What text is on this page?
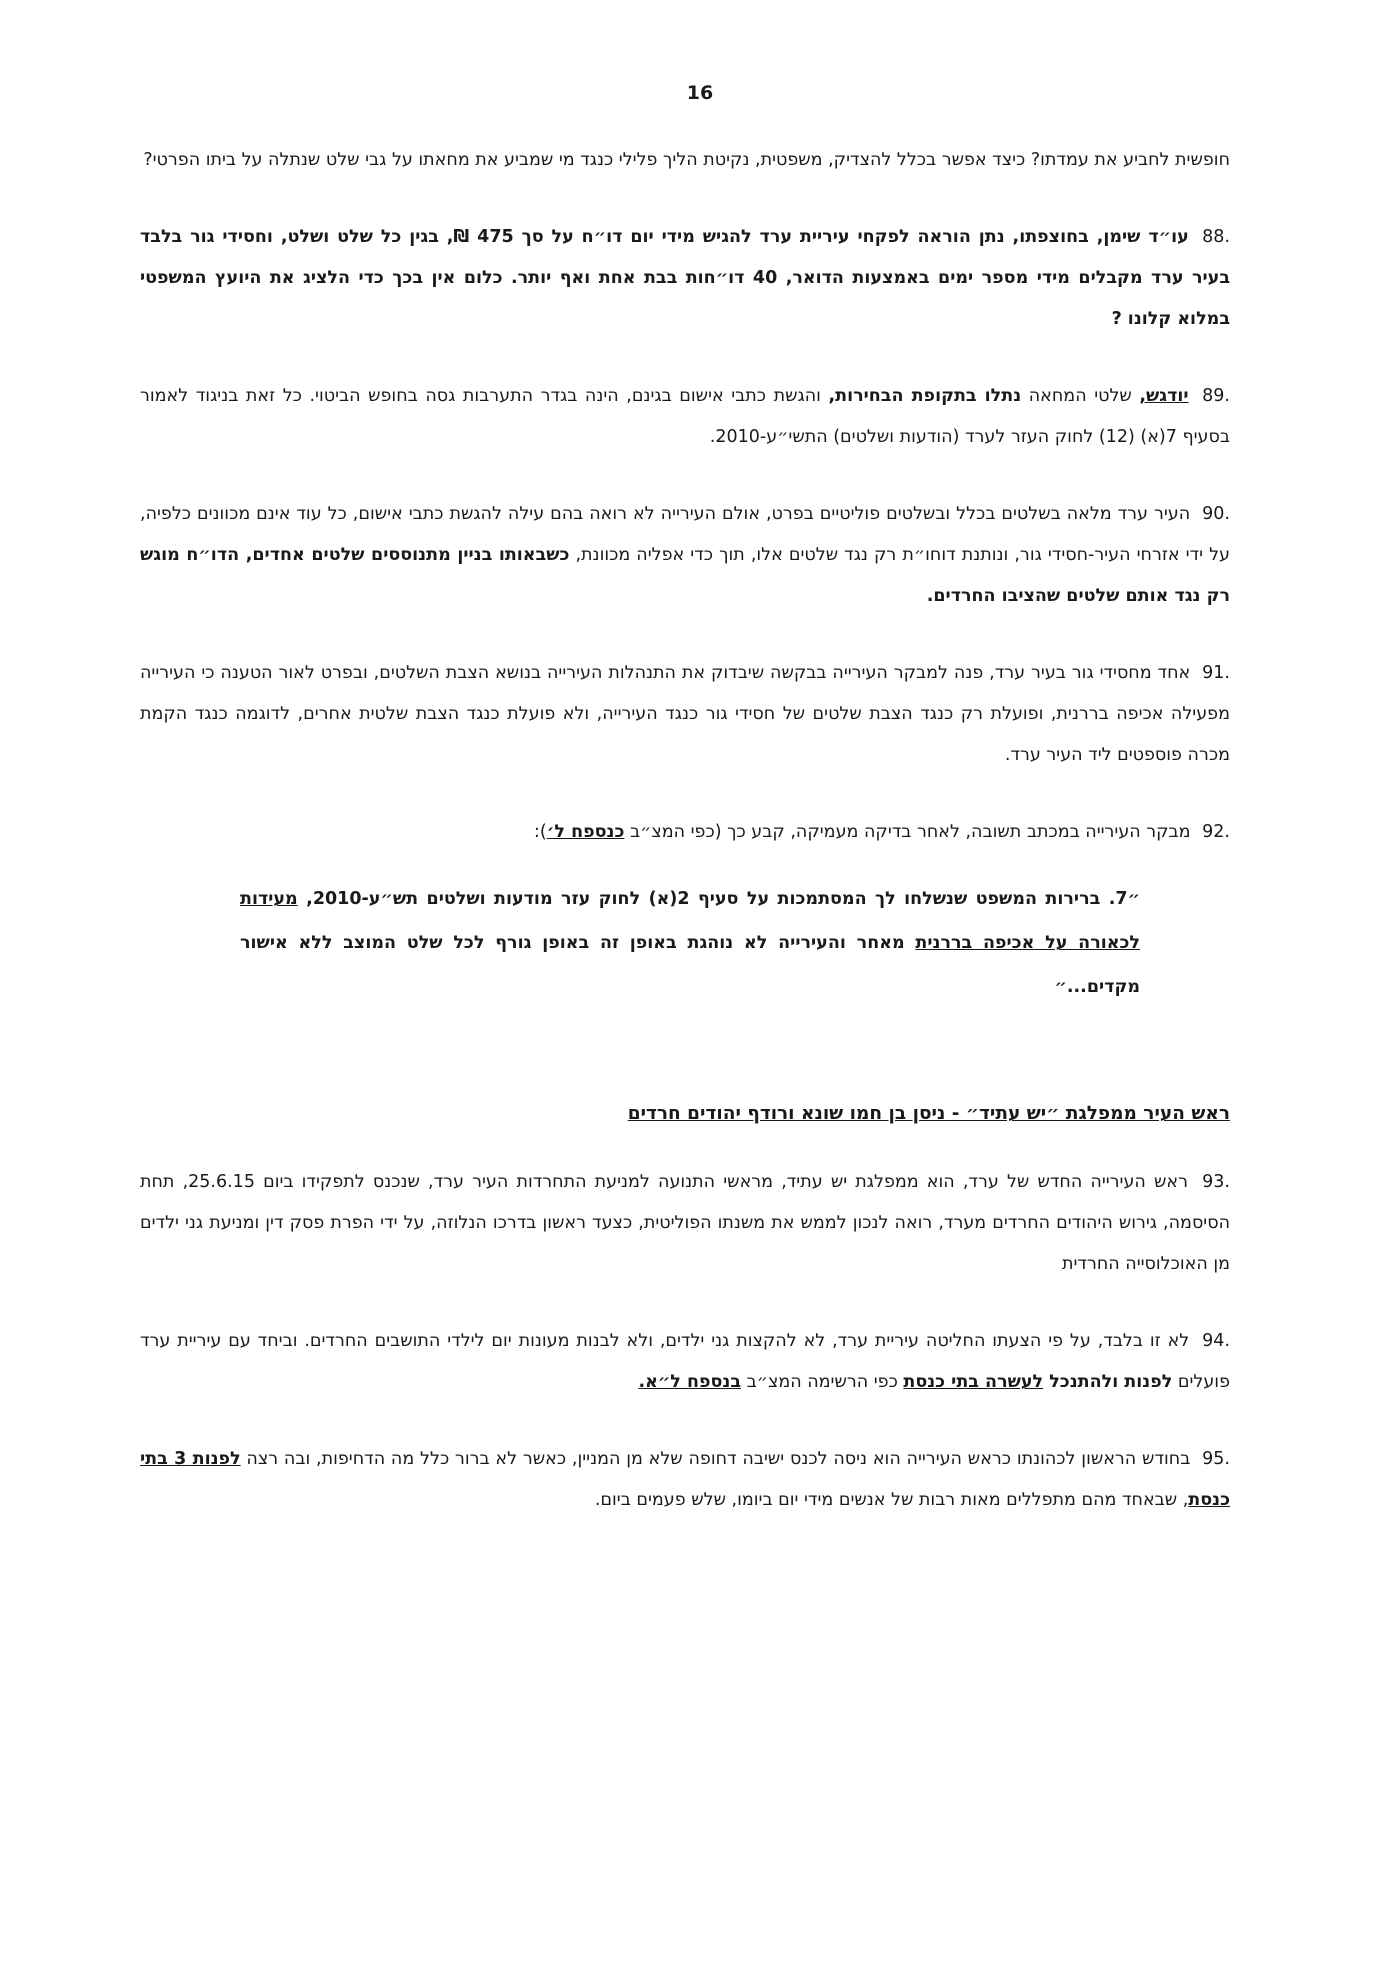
16

חופשית לחביע את עמדתו? כיצד אפשר בכלל להצדיק, משפטית, נקיטת הליך פלילי כנגד מי שמביע את מחאתו על גבי שלט שנתלה על ביתו הפרטי?

.88 עו״ד שימן, בחוצפתו, נתן הוראה לפקחי עיריית ערד להגיש מידי יום דו״ח על סך 475 ₪, בגין כל שלט ושלט, וחסידי גור בלבד בעיר ערד מקבלים מידי מספר ימים באמצעות הדואר, 40 דו״חות בבת אחת ואף יותר. כלום אין בכך כדי הלציג את היועץ המשפטי במלוא קלונו ?

.89 יודגש, שלטי המחאה נתלו בתקופת הבחירות, והגשת כתבי אישום בגינם, הינה בגדר התערבות גסה בחופש הביטוי. כל זאת בניגוד לאמור בסעיף 7(א) (12) לחוק העזר לערד (הודעות ושלטים) התשי״ע-2010.

.90 העיר ערד מלאה בשלטים בכלל ובשלטים פוליטיים בפרט, אולם העירייה לא רואה בהם עילה להגשת כתבי אישום, כל עוד אינם מכוונים כלפיה, על ידי אזרחי העיר-חסידי גור, ונותנת דוחו״ת רק נגד שלטים אלו, תוך כדי אפליה מכוונת, כשבאותו בניין מתנוססים שלטים אחדים, הדו״ח מוגש רק נגד אותם שלטים שהציבו החרדים.

.91 אחד מחסידי גור בעיר ערד, פנה למבקר העירייה בבקשה שיבדוק את התנהלות העירייה בנושא הצבת השלטים, ובפרט לאור הטענה כי העירייה מפעילה אכיפה בררנית, ופועלת רק כנגד הצבת שלטים של חסידי גור כנגד העירייה, ולא פועלת כנגד הצבת שלטית אחרים, לדוגמה כנגד הקמת מכרה פוספטים ליד העיר ערד.

.92 מבקר העירייה במכתב תשובה, לאחר בדיקה מעמיקה, קבע כך (כפי המצ״ב כנספח ל׳):

״7. ברירות המשפט שנשלחו לך המסתמכות על סעיף 2(א) לחוק עזר מודעות ושלטים תש״ע-2010, מעידות לכאורה על אכיפה בררנית מאחר והעירייה לא נוהגת באופן זה באופן גורף לכל שלט המוצב ללא אישור מקדים...״

ראש העיר ממפלגת ״יש עתיד״ - ניסן בן חמו שונא ורודף יהודים חרדים

.93 ראש העירייה החדש של ערד, הוא ממפלגת יש עתיד, מראשי התנועה למניעת התחרדות העיר ערד, שנכנס לתפקידו ביום 25.6.15, תחת הסיסמה, גירוש היהודים החרדים מערד, רואה לנכון לממש את משנתו הפוליטית, כצעד ראשון בדרכו הנלוזה, על ידי הפרת פסק דין ומניעת גני ילדים מן האוכלוסייה החרדית

.94 לא זו בלבד, על פי הצעתו החליטה עיריית ערד, לא להקצות גני ילדים, ולא לבנות מעונות יום לילדי התושבים החרדים. וביחד עם עיריית ערד פועלים לפנות ולהתנכל לעשרה בתי כנסת כפי הרשימה המצ״ב בנספח ל״א.

.95 בחודש הראשון לכהונתו כראש העירייה הוא ניסה לכנס ישיבה דחופה שלא מן המניין, כאשר לא ברור כלל מה הדחיפות, ובה רצה לפנות 3 בתי כנסת, שבאחד מהם מתפללים מאות רבות של אנשים מידי יום ביומו, שלש פעמים ביום.
